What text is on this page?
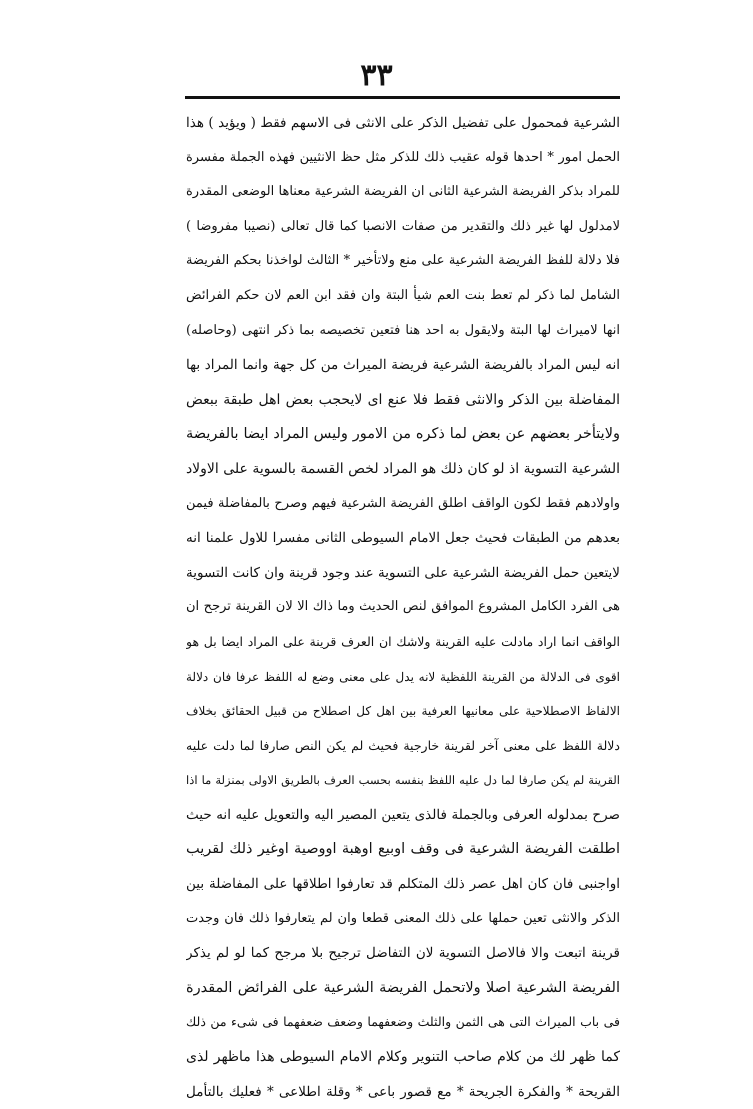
٣٣
الشرعية فمحمول على تفضيل الذكر على الانثى فى الاسهم فقط ( ويؤيد ) هذا
الحمل امور * احدها قوله عقيب ذلك للذكر مثل حظ الانثيين فهذه الجملة مفسرة
للمراد بذكر الفريضة الشرعية الثانى ان الفريضة الشرعية معناها الوضعى المقدرة
لامدلول لها غير ذلك والتقدير من صفات الانصبا كما قال تعالى (نصيبا مفروضا )
فلا دلالة للفظ الفريضة الشرعية على منع ولاتأخير * الثالث لواخذنا بحكم الفريضة
الشامل لما ذكر لم تعط بنت العم شيأ البتة وان فقد ابن العم لان حكم الفرائض
انها لاميراث لها البتة ولايقول به احد هنا فتعين تخصيصه بما ذكر انتهى (وحاصله)
انه ليس المراد بالفريضة الشرعية فريضة الميراث من كل جهة وانما المراد بها
المفاضلة بين الذكر والانثى فقط فلا عنع اى لايحجب بعض اهل طبقة ببعض
ولايتأخر بعضهم عن بعض لما ذكره من الامور وليس المراد ايضا بالفريضة
الشرعية التسوية اذ لو كان ذلك هو المراد لخص القسمة بالسوية على الاولاد
واولادهم فقط لكون الواقف اطلق الفريضة الشرعية فيهم وصرح بالمفاضلة فيمن
بعدهم من الطبقات فحيث جعل الامام السيوطى الثانى مفسرا للاول علمنا انه
لايتعين حمل الفريضة الشرعية على التسوية عند وجود قرينة وان كانت التسوية
هى الفرد الكامل المشروع الموافق لنص الحديث وما ذاك الا لان القرينة ترجح ان
الواقف انما اراد مادلت عليه القرينة ولاشك ان العرف قرينة على المراد ايضا بل هو
اقوى فى الدلالة من القرينة اللفظية لانه يدل على معنى وضع له اللفظ عرفا فان دلالة
الالفاظ الاصطلاحية على معانيها العرفية بين اهل كل اصطلاح من قبيل الحقائق بخلاف
دلالة اللفظ على معنى آخر لقرينة خارجية فحيث لم يكن النص صارفا لما دلت عليه
القرينة لم يكن صارفا لما دل عليه اللفظ بنفسه بحسب العرف بالطريق الاولى بمنزلة ما اذا
صرح بمدلوله العرفى وبالجملة فالذى يتعين المصير اليه والتعويل عليه انه حيث
اطلقت الفريضة الشرعية فى وقف اوبيع اوهبة اووصية اوغير ذلك لقريب
اواجنبى فان كان اهل عصر ذلك المتكلم قد تعارفوا اطلاقها على المفاضلة بين
الذكر والانثى تعين حملها على ذلك المعنى قطعا وان لم يتعارفوا ذلك فان وجدت
قرينة اتبعت والا فالاصل التسوية لان التفاضل ترجيح بلا مرجح كما لو لم يذكر
الفريضة الشرعية اصلا ولاتحمل الفريضة الشرعية على الفرائض المقدرة
فى باب الميراث التى هى الثمن والثلث وضعفهما وضعف ضعفهما فى شىء من ذلك
كما ظهر لك من كلام صاحب التنوير وكلام الامام السيوطى هذا ماظهر لذى
القريحة * والفكرة الجريحة * مع قصور باعى * وقلة اطلاعى * فعليك بالتأمل
